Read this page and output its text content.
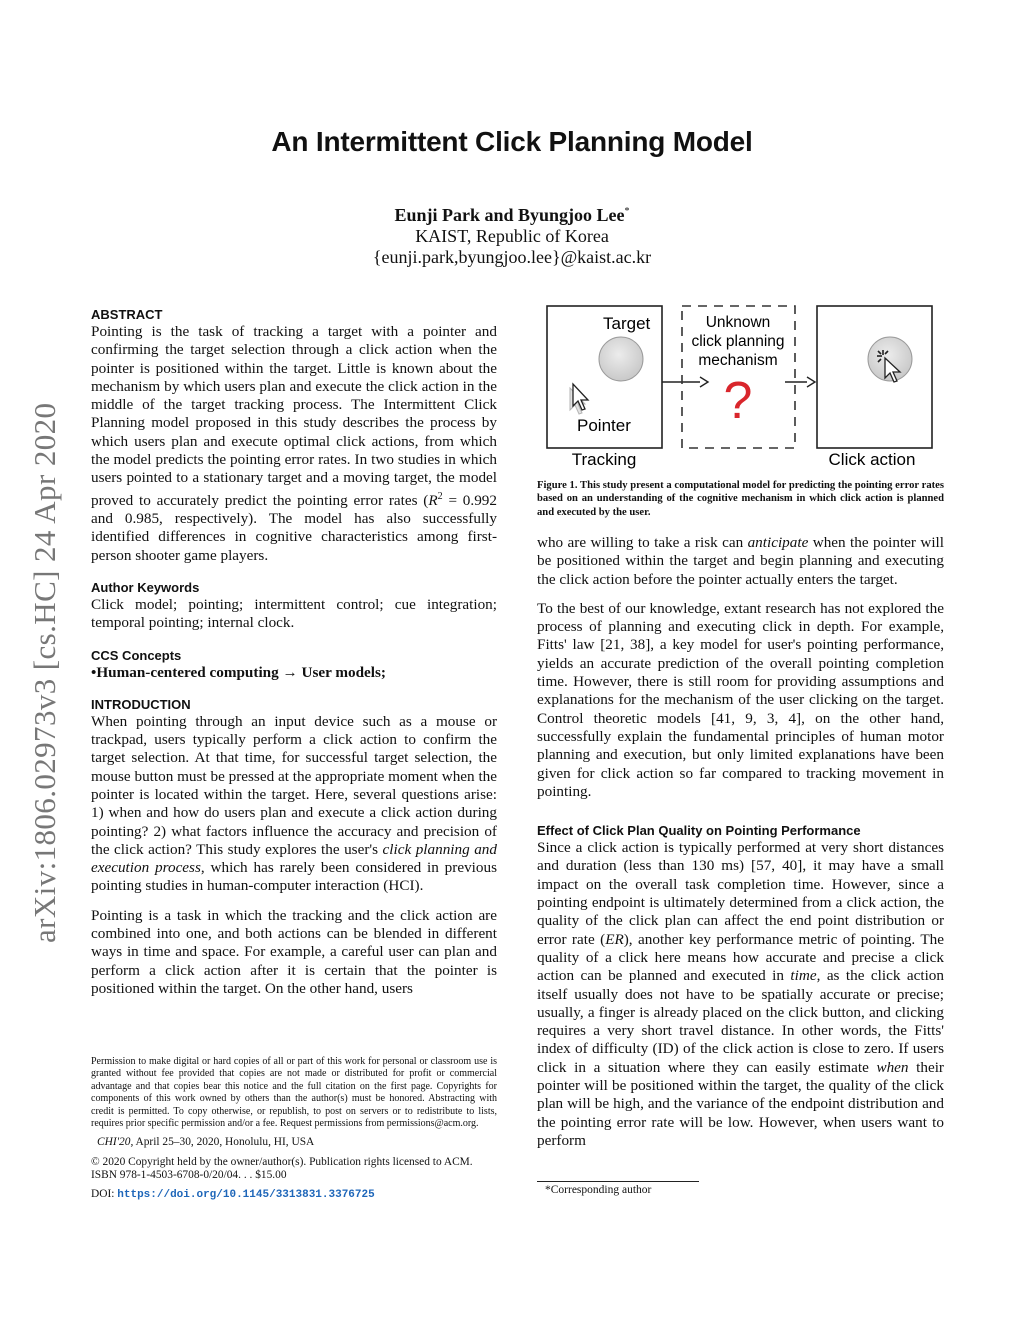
arXiv:1806.02973v3 [cs.HC] 24 Apr 2020
An Intermittent Click Planning Model
Eunji Park and Byungjoo Lee*
KAIST, Republic of Korea
{eunji.park,byungjoo.lee}@kaist.ac.kr

ABSTRACT

Pointing is the task of tracking a target with a pointer and confirming the target selection through a click action when the pointer is positioned within the target. Little is known about the mechanism by which users plan and execute the click action in the middle of the target tracking process. The Intermittent Click Planning model proposed in this study describes the process by which users plan and execute optimal click actions, from which the model predicts the pointing error rates. In two studies in which users pointed to a stationary target and a moving target, the model proved to accurately predict the pointing error rates ($R^2 = 0.992$ and 0.985, respectively). The model has also successfully identified differences in cognitive characteristics among first-person shooter game players.

Author Keywords

Click model; pointing; intermittent control; cue integration; temporal pointing; internal clock.

CCS Concepts

•Human-centered computing → User models;

INTRODUCTION

When pointing through an input device such as a mouse or trackpad, users typically perform a click action to confirm the target selection. At that time, for successful target selection, the mouse button must be pressed at the appropriate moment when the pointer is located within the target. Here, several questions arise: 1) when and how do users plan and execute a click action during pointing? 2) what factors influence the accuracy and precision of the click action? This study explores the user's click planning and execution process, which has rarely been considered in previous pointing studies in human-computer interaction (HCI).

Pointing is a task in which the tracking and the click action are combined into one, and both actions can be blended in different ways in time and space. For example, a careful user can plan and perform a click action after it is certain that the pointer is positioned within the target. On the other hand, users

Permission to make digital or hard copies of all or part of this work for personal or classroom use is granted without fee provided that copies are not made or distributed for profit or commercial advantage and that copies bear this notice and the full citation on the first page. Copyrights for components of this work owned by others than the author(s) must be honored. Abstracting with credit is permitted. To copy otherwise, or republish, to post on servers or to redistribute to lists, requires prior specific permission and/or a fee. Request permissions from permissions@acm.org.
CHI'20, April 25–30, 2020, Honolulu, HI, USA
© 2020 Copyright held by the owner/author(s). Publication rights licensed to ACM.
ISBN 978-1-4503-6708-0/20/04. . . $15.00
DOI: https://doi.org/10.1145/3313831.3376725
Target
Pointer
Unknown
click planning
mechanism
?
Tracking	Click action
Figure 1. This study present a computational model for predicting the pointing error rates based on an understanding of the cognitive mechanism in which click action is planned and executed by the user.

who are willing to take a risk can anticipate when the pointer will be positioned within the target and begin planning and executing the click action before the pointer actually enters the target.

To the best of our knowledge, extant research has not explored the process of planning and executing click in depth. For example, Fitts' law [21, 38], a key model for user's pointing performance, yields an accurate prediction of the overall pointing completion time. However, there is still room for providing assumptions and explanations for the mechanism of the user clicking on the target. Control theoretic models [41, 9, 3, 4], on the other hand, successfully explain the fundamental principles of human motor planning and execution, but only limited explanations have been given for click action so far compared to tracking movement in pointing.

Effect of Click Plan Quality on Pointing Performance

Since a click action is typically performed at very short distances and duration (less than 130 ms) [57, 40], it may have a small impact on the overall task completion time. However, since a pointing endpoint is ultimately determined from a click action, the quality of the click plan can affect the end point distribution or error rate (ER), another key performance metric of pointing. The quality of a click here means how accurate and precise a click action can be planned and executed in time, as the click action itself usually does not have to be spatially accurate or precise; usually, a finger is already placed on the click button, and clicking requires a very short travel distance. In other words, the Fitts' index of difficulty (ID) of the click action is close to zero. If users click in a situation where they can easily estimate when their pointer will be positioned within the target, the quality of the click plan will be high, and the variance of the endpoint distribution and the pointing error rate will be low. However, when users want to perform

*Corresponding author
